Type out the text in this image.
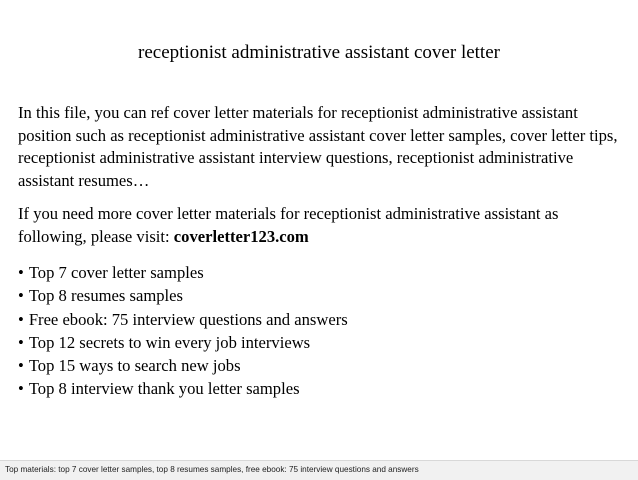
receptionist administrative assistant cover letter
In this file, you can ref cover letter materials for receptionist administrative assistant position such as receptionist administrative assistant cover letter samples, cover letter tips, receptionist administrative assistant interview questions, receptionist administrative assistant resumes…
If you need more cover letter materials for receptionist administrative assistant as following, please visit: coverletter123.com
• Top 7 cover letter samples
• Top 8 resumes samples
• Free ebook: 75 interview questions and answers
• Top 12 secrets to win every job interviews
• Top 15 ways to search new jobs
• Top 8 interview thank you letter samples
Top materials: top 7 cover letter samples, top 8 resumes samples, free ebook: 75 interview questions and answers
